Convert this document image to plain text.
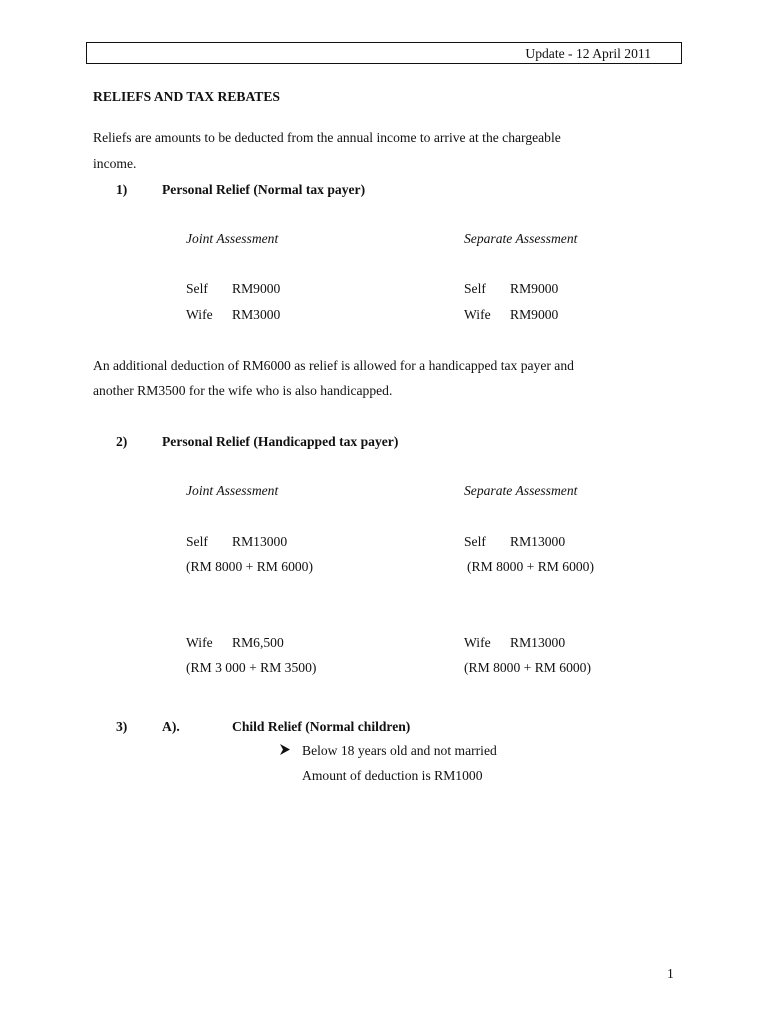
Update - 12 April 2011
RELIEFS AND TAX REBATES
Reliefs are amounts to be deducted from the annual income to arrive at the chargeable
income.
1)	Personal Relief (Normal tax payer)
Joint Assessment	Separate Assessment
Self RM9000	Self RM9000
Wife RM3000	Wife RM9000
An additional deduction of RM6000 as relief is allowed for a handicapped tax payer and
another RM3500 for the wife who is also handicapped.
2)	Personal Relief (Handicapped tax payer)
Joint Assessment	Separate Assessment
Self RM13000	Self RM13000
(RM 8000 + RM 6000)	(RM 8000 + RM 6000)
Wife RM6,500	Wife RM13000
(RM 3 000 + RM 3500)	(RM 8000 + RM 6000)
3)	A).	Child Relief (Normal children)
Below 18 years old and not married
Amount of deduction is RM1000
1
